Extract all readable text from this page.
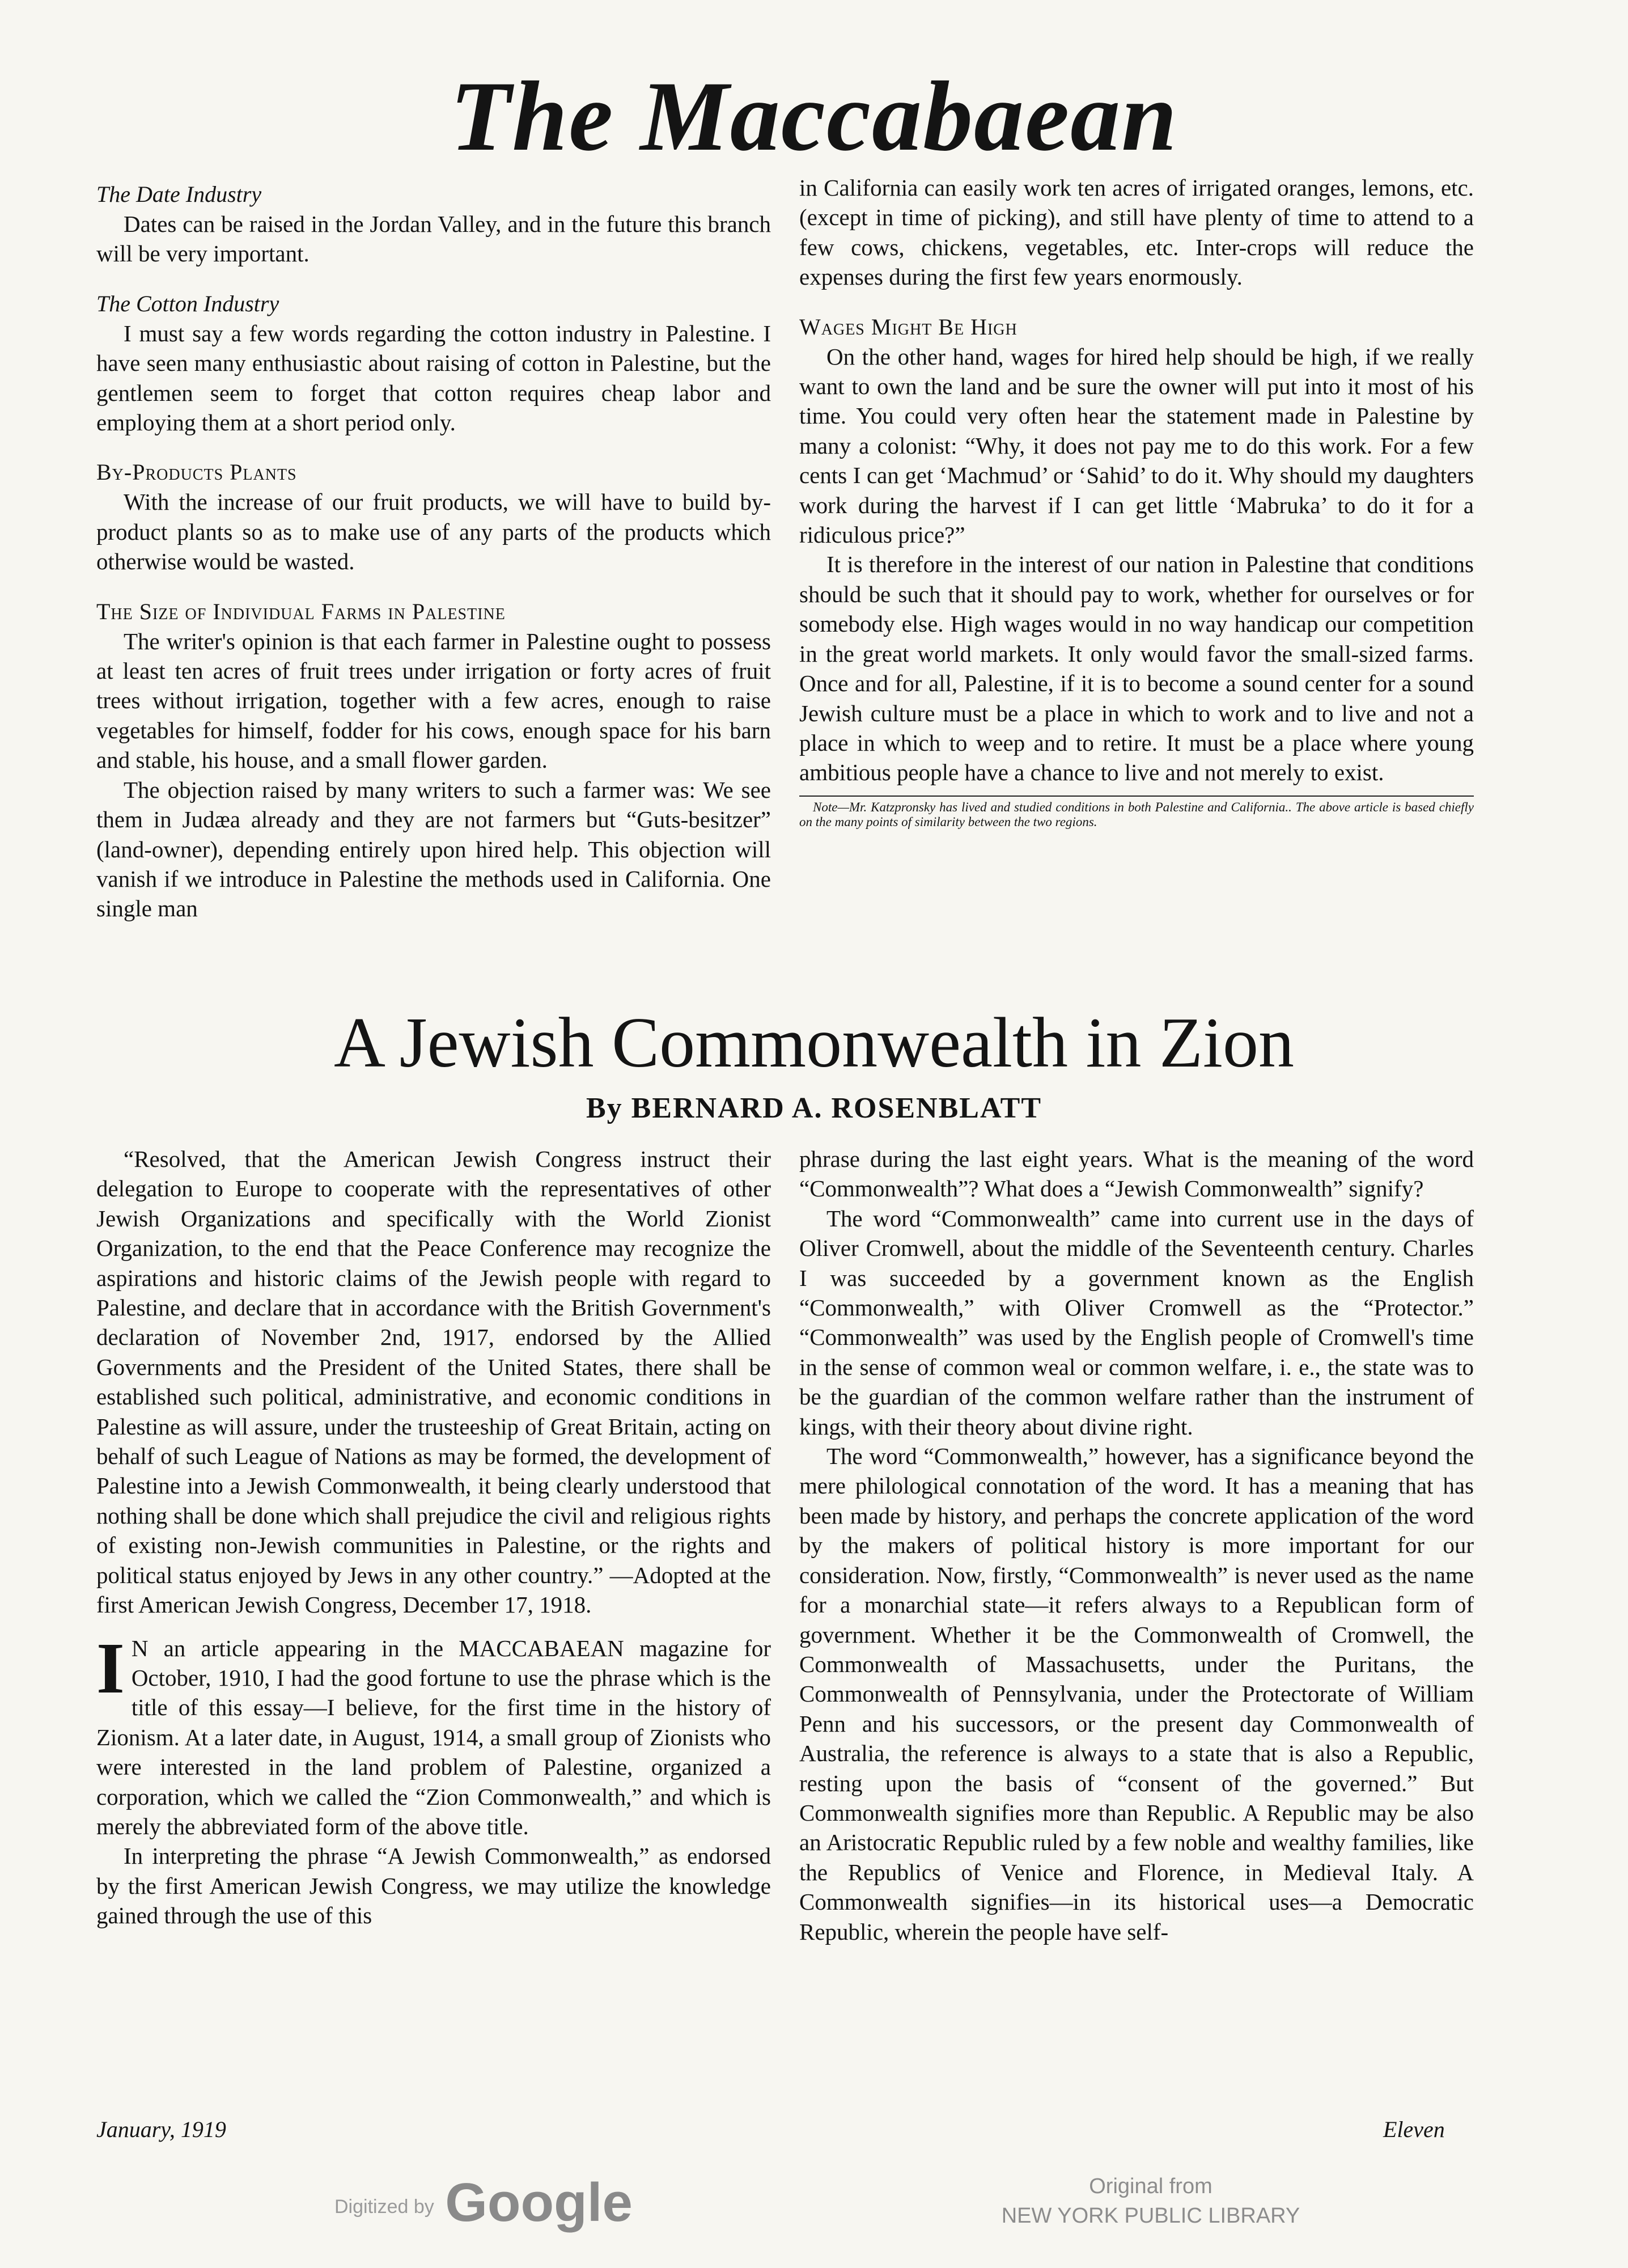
The Maccabaean
The Date Industry

Dates can be raised in the Jordan Valley, and in the future this branch will be very important.

The Cotton Industry

I must say a few words regarding the cotton industry in Palestine. I have seen many enthusiastic about raising of cotton in Palestine, but the gentlemen seem to forget that cotton requires cheap labor and employing them at a short period only.

By-Products Plants

With the increase of our fruit products, we will have to build by-product plants so as to make use of any parts of the products which otherwise would be wasted.

The Size of Individual Farms in Palestine

The writer's opinion is that each farmer in Palestine ought to possess at least ten acres of fruit trees under irrigation or forty acres of fruit trees without irrigation, together with a few acres, enough to raise vegetables for himself, fodder for his cows, enough space for his barn and stable, his house, and a small flower garden.

The objection raised by many writers to such a farmer was: We see them in Judæa already and they are not farmers but “Guts-besitzer” (land-owner), depending entirely upon hired help. This objection will vanish if we introduce in Palestine the methods used in California. One single man

in California can easily work ten acres of irrigated oranges, lemons, etc. (except in time of picking), and still have plenty of time to attend to a few cows, chickens, vegetables, etc. Inter-crops will reduce the expenses during the first few years enormously.

Wages Might Be High

On the other hand, wages for hired help should be high, if we really want to own the land and be sure the owner will put into it most of his time. You could very often hear the statement made in Palestine by many a colonist: “Why, it does not pay me to do this work. For a few cents I can get ‘Machmud’ or ‘Sahid’ to do it. Why should my daughters work during the harvest if I can get little ‘Mabruka’ to do it for a ridiculous price?”

It is therefore in the interest of our nation in Palestine that conditions should be such that it should pay to work, whether for ourselves or for somebody else. High wages would in no way handicap our competition in the great world markets. It only would favor the small-sized farms. Once and for all, Palestine, if it is to become a sound center for a sound Jewish culture must be a place in which to work and to live and not a place in which to weep and to retire. It must be a place where young ambitious people have a chance to live and not merely to exist.

Note—Mr. Katzpronsky has lived and studied conditions in both Palestine and California.. The above article is based chiefly on the many points of similarity between the two regions.
A Jewish Commonwealth in Zion
By BERNARD A. ROSENBLATT

“Resolved, that the American Jewish Congress instruct their delegation to Europe to cooperate with the representatives of other Jewish Organizations and specifically with the World Zionist Organization, to the end that the Peace Conference may recognize the aspirations and historic claims of the Jewish people with regard to Palestine, and declare that in accordance with the British Government's declaration of November 2nd, 1917, endorsed by the Allied Governments and the President of the United States, there shall be established such political, administrative, and economic conditions in Palestine as will assure, under the trusteeship of Great Britain, acting on behalf of such League of Nations as may be formed, the development of Palestine into a Jewish Commonwealth, it being clearly understood that nothing shall be done which shall prejudice the civil and religious rights of existing non-Jewish communities in Palestine, or the rights and political status enjoyed by Jews in any other country.” —Adopted at the first American Jewish Congress, December 17, 1918.

I N an article appearing in the MACCABAEAN magazine for October, 1910, I had the good fortune to use the phrase which is the title of this essay—I believe, for the first time in the history of Zionism. At a later date, in August, 1914, a small group of Zionists who were interested in the land problem of Palestine, organized a corporation, which we called the “Zion Commonwealth,” and which is merely the abbreviated form of the above title.

In interpreting the phrase “A Jewish Commonwealth,” as endorsed by the first American Jewish Congress, we may utilize the knowledge gained through the use of this

phrase during the last eight years. What is the meaning of the word “Commonwealth”? What does a “Jewish Commonwealth” signify?

The word “Commonwealth” came into current use in the days of Oliver Cromwell, about the middle of the Seventeenth century. Charles I was succeeded by a government known as the English “Commonwealth,” with Oliver Cromwell as the “Protector.” “Commonwealth” was used by the English people of Cromwell's time in the sense of common weal or common welfare, i. e., the state was to be the guardian of the common welfare rather than the instrument of kings, with their theory about divine right.

The word “Commonwealth,” however, has a significance beyond the mere philological connotation of the word. It has a meaning that has been made by history, and perhaps the concrete application of the word by the makers of political history is more important for our consideration. Now, firstly, “Commonwealth” is never used as the name for a monarchial state—it refers always to a Republican form of government. Whether it be the Commonwealth of Cromwell, the Commonwealth of Massachusetts, under the Puritans, the Commonwealth of Pennsylvania, under the Protectorate of William Penn and his successors, or the present day Commonwealth of Australia, the reference is always to a state that is also a Republic, resting upon the basis of “consent of the governed.” But Commonwealth signifies more than Republic. A Republic may be also an Aristocratic Republic ruled by a few noble and wealthy families, like the Republics of Venice and Florence, in Medieval Italy. A Commonwealth signifies—in its historical uses—a Democratic Republic, wherein the people have self-

January, 1919	Eleven
Digitized by Google	Original from
NEW YORK PUBLIC LIBRARY
